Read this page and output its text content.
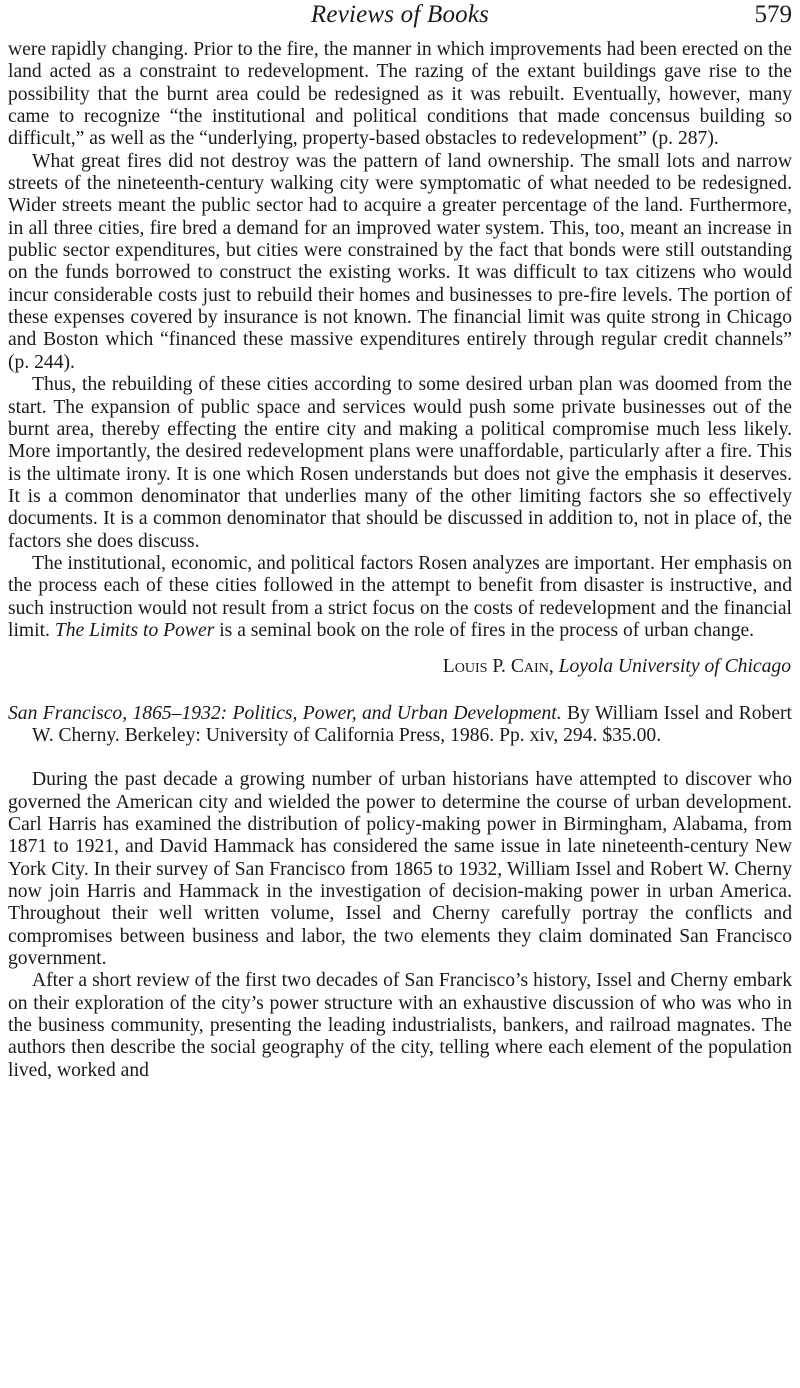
Reviews of Books	579

were rapidly changing. Prior to the fire, the manner in which improvements had been erected on the land acted as a constraint to redevelopment. The razing of the extant buildings gave rise to the possibility that the burnt area could be redesigned as it was rebuilt. Eventually, however, many came to recognize “the institutional and political conditions that made concensus building so difficult,” as well as the “underlying, property-based obstacles to redevelopment” (p. 287).

What great fires did not destroy was the pattern of land ownership. The small lots and narrow streets of the nineteenth-century walking city were symptomatic of what needed to be redesigned. Wider streets meant the public sector had to acquire a greater percentage of the land. Furthermore, in all three cities, fire bred a demand for an improved water system. This, too, meant an increase in public sector expenditures, but cities were constrained by the fact that bonds were still outstanding on the funds borrowed to construct the existing works. It was difficult to tax citizens who would incur considerable costs just to rebuild their homes and businesses to pre-fire levels. The portion of these expenses covered by insurance is not known. The financial limit was quite strong in Chicago and Boston which “financed these massive expenditures entirely through regular credit channels” (p. 244).

Thus, the rebuilding of these cities according to some desired urban plan was doomed from the start. The expansion of public space and services would push some private businesses out of the burnt area, thereby effecting the entire city and making a political compromise much less likely. More importantly, the desired redevelopment plans were unaffordable, particularly after a fire. This is the ultimate irony. It is one which Rosen understands but does not give the emphasis it deserves. It is a common denominator that underlies many of the other limiting factors she so effectively documents. It is a common denominator that should be discussed in addition to, not in place of, the factors she does discuss.

The institutional, economic, and political factors Rosen analyzes are important. Her emphasis on the process each of these cities followed in the attempt to benefit from disaster is instructive, and such instruction would not result from a strict focus on the costs of redevelopment and the financial limit. The Limits to Power is a seminal book on the role of fires in the process of urban change.

Louis P. Cain, Loyola University of Chicago

San Francisco, 1865–1932: Politics, Power, and Urban Development. By William Issel and Robert W. Cherny. Berkeley: University of California Press, 1986. Pp. xiv, 294. $35.00.

During the past decade a growing number of urban historians have attempted to discover who governed the American city and wielded the power to determine the course of urban development. Carl Harris has examined the distribution of policy-making power in Birmingham, Alabama, from 1871 to 1921, and David Hammack has considered the same issue in late nineteenth-century New York City. In their survey of San Francisco from 1865 to 1932, William Issel and Robert W. Cherny now join Harris and Hammack in the investigation of decision-making power in urban America. Throughout their well written volume, Issel and Cherny carefully portray the conflicts and compromises between business and labor, the two elements they claim dominated San Francisco government.

After a short review of the first two decades of San Francisco’s history, Issel and Cherny embark on their exploration of the city’s power structure with an exhaustive discussion of who was who in the business community, presenting the leading industrialists, bankers, and railroad magnates. The authors then describe the social geography of the city, telling where each element of the population lived, worked and
